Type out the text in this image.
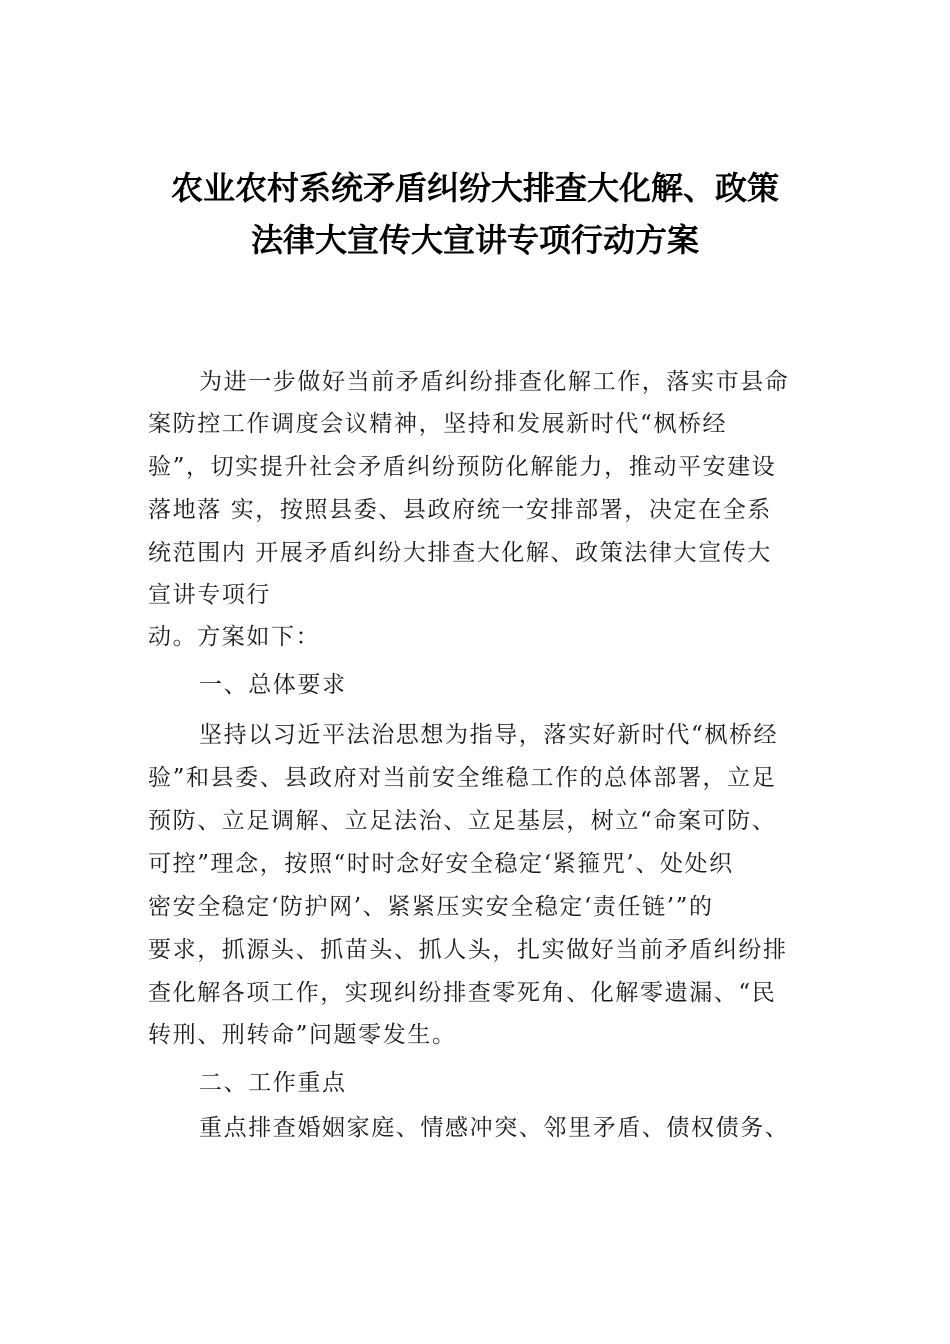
农业农村系统矛盾纠纷大排查大化解、政策
法律大宣传大宣讲专项行动方案
为进一步做好当前矛盾纠纷排查化解工作，落实市县命
案防控工作调度会议精神，坚持和发展新时代“枫桥经
验”，切实提升社会矛盾纠纷预防化解能力，推动平安建设
落地落 实，按照县委、县政府统一安排部署，决定在全系
统范围内 开展矛盾纠纷大排查大化解、政策法律大宣传大
宣讲专项行
动。方案如下：
一、总体要求
坚持以习近平法治思想为指导，落实好新时代“枫桥经
验”和县委、县政府对当前安全维稳工作的总体部署，立足
预防、立足调解、立足法治、立足基层，树立“命案可防、
可控”理念，按照“时时念好安全稳定‘紧箍咒’、处处织
密安全稳定‘防护网’、紧紧压实安全稳定‘责任链’”的
要求，抓源头、抓苗头、抓人头，扎实做好当前矛盾纠纷排
查化解各项工作，实现纠纷排查零死角、化解零遗漏、“民
转刑、刑转命”问题零发生。
二、工作重点
重点排查婚姻家庭、情感冲突、邻里矛盾、债权债务、
